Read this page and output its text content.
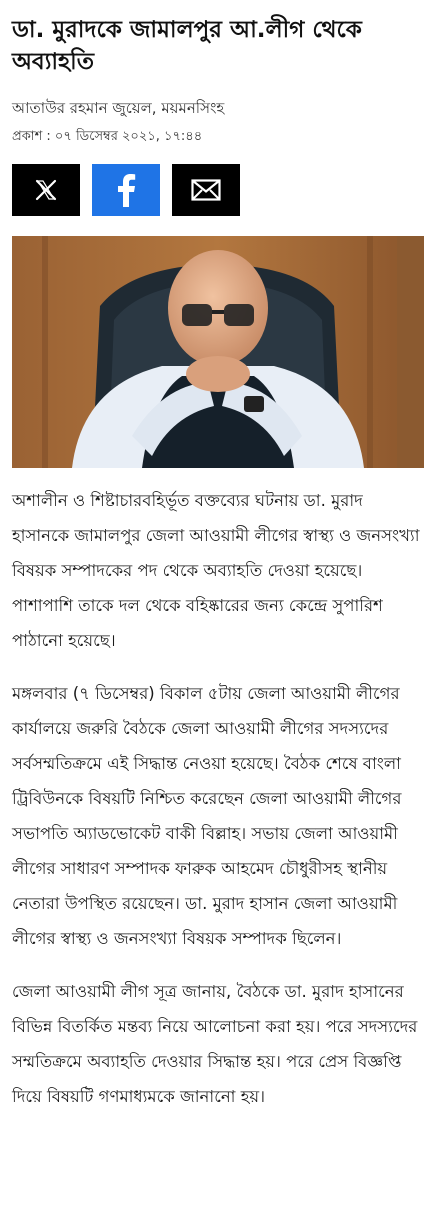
ডা. মুরাদকে জামালপুর আ.লীগ থেকে অব্যাহতি
আতাউর রহমান জুয়েল, ময়মনসিংহ
প্রকাশ : ০৭ ডিসেম্বর ২০২১, ১৭:৪৪

অশালীন ও শিষ্টাচারবহির্ভূত বক্তব্যের ঘটনায় ডা. মুরাদ হাসানকে জামালপুর জেলা আওয়ামী লীগের স্বাস্থ্য ও জনসংখ্যা বিষয়ক সম্পাদকের পদ থেকে অব্যাহতি দেওয়া হয়েছে। পাশাপাশি তাকে দল থেকে বহিষ্কারের জন্য কেন্দ্রে সুপারিশ পাঠানো হয়েছে।

মঙ্গলবার (৭ ডিসেম্বর) বিকাল ৫টায় জেলা আওয়ামী লীগের কার্যালয়ে জরুরি বৈঠকে জেলা আওয়ামী লীগের সদস্যদের সর্বসম্মতিক্রমে এই সিদ্ধান্ত নেওয়া হয়েছে। বৈঠক শেষে বাংলা ট্রিবিউনকে বিষয়টি নিশ্চিত করেছেন জেলা আওয়ামী লীগের সভাপতি অ্যাডভোকেট বাকী বিল্লাহ। সভায় জেলা আওয়ামী লীগের সাধারণ সম্পাদক ফারুক আহমেদ চৌধুরীসহ স্থানীয় নেতারা উপস্থিত রয়েছেন। ডা. মুরাদ হাসান জেলা আওয়ামী লীগের স্বাস্থ্য ও জনসংখ্যা বিষয়ক সম্পাদক ছিলেন।

জেলা আওয়ামী লীগ সূত্র জানায়, বৈঠকে ডা. মুরাদ হাসানের বিভিন্ন বিতর্কিত মন্তব্য নিয়ে আলোচনা করা হয়। পরে সদস্যদের সম্মতিক্রমে অব্যাহতি দেওয়ার সিদ্ধান্ত হয়। পরে প্রেস বিজ্ঞপ্তি দিয়ে বিষয়টি গণমাধ্যমকে জানানো হয়।
